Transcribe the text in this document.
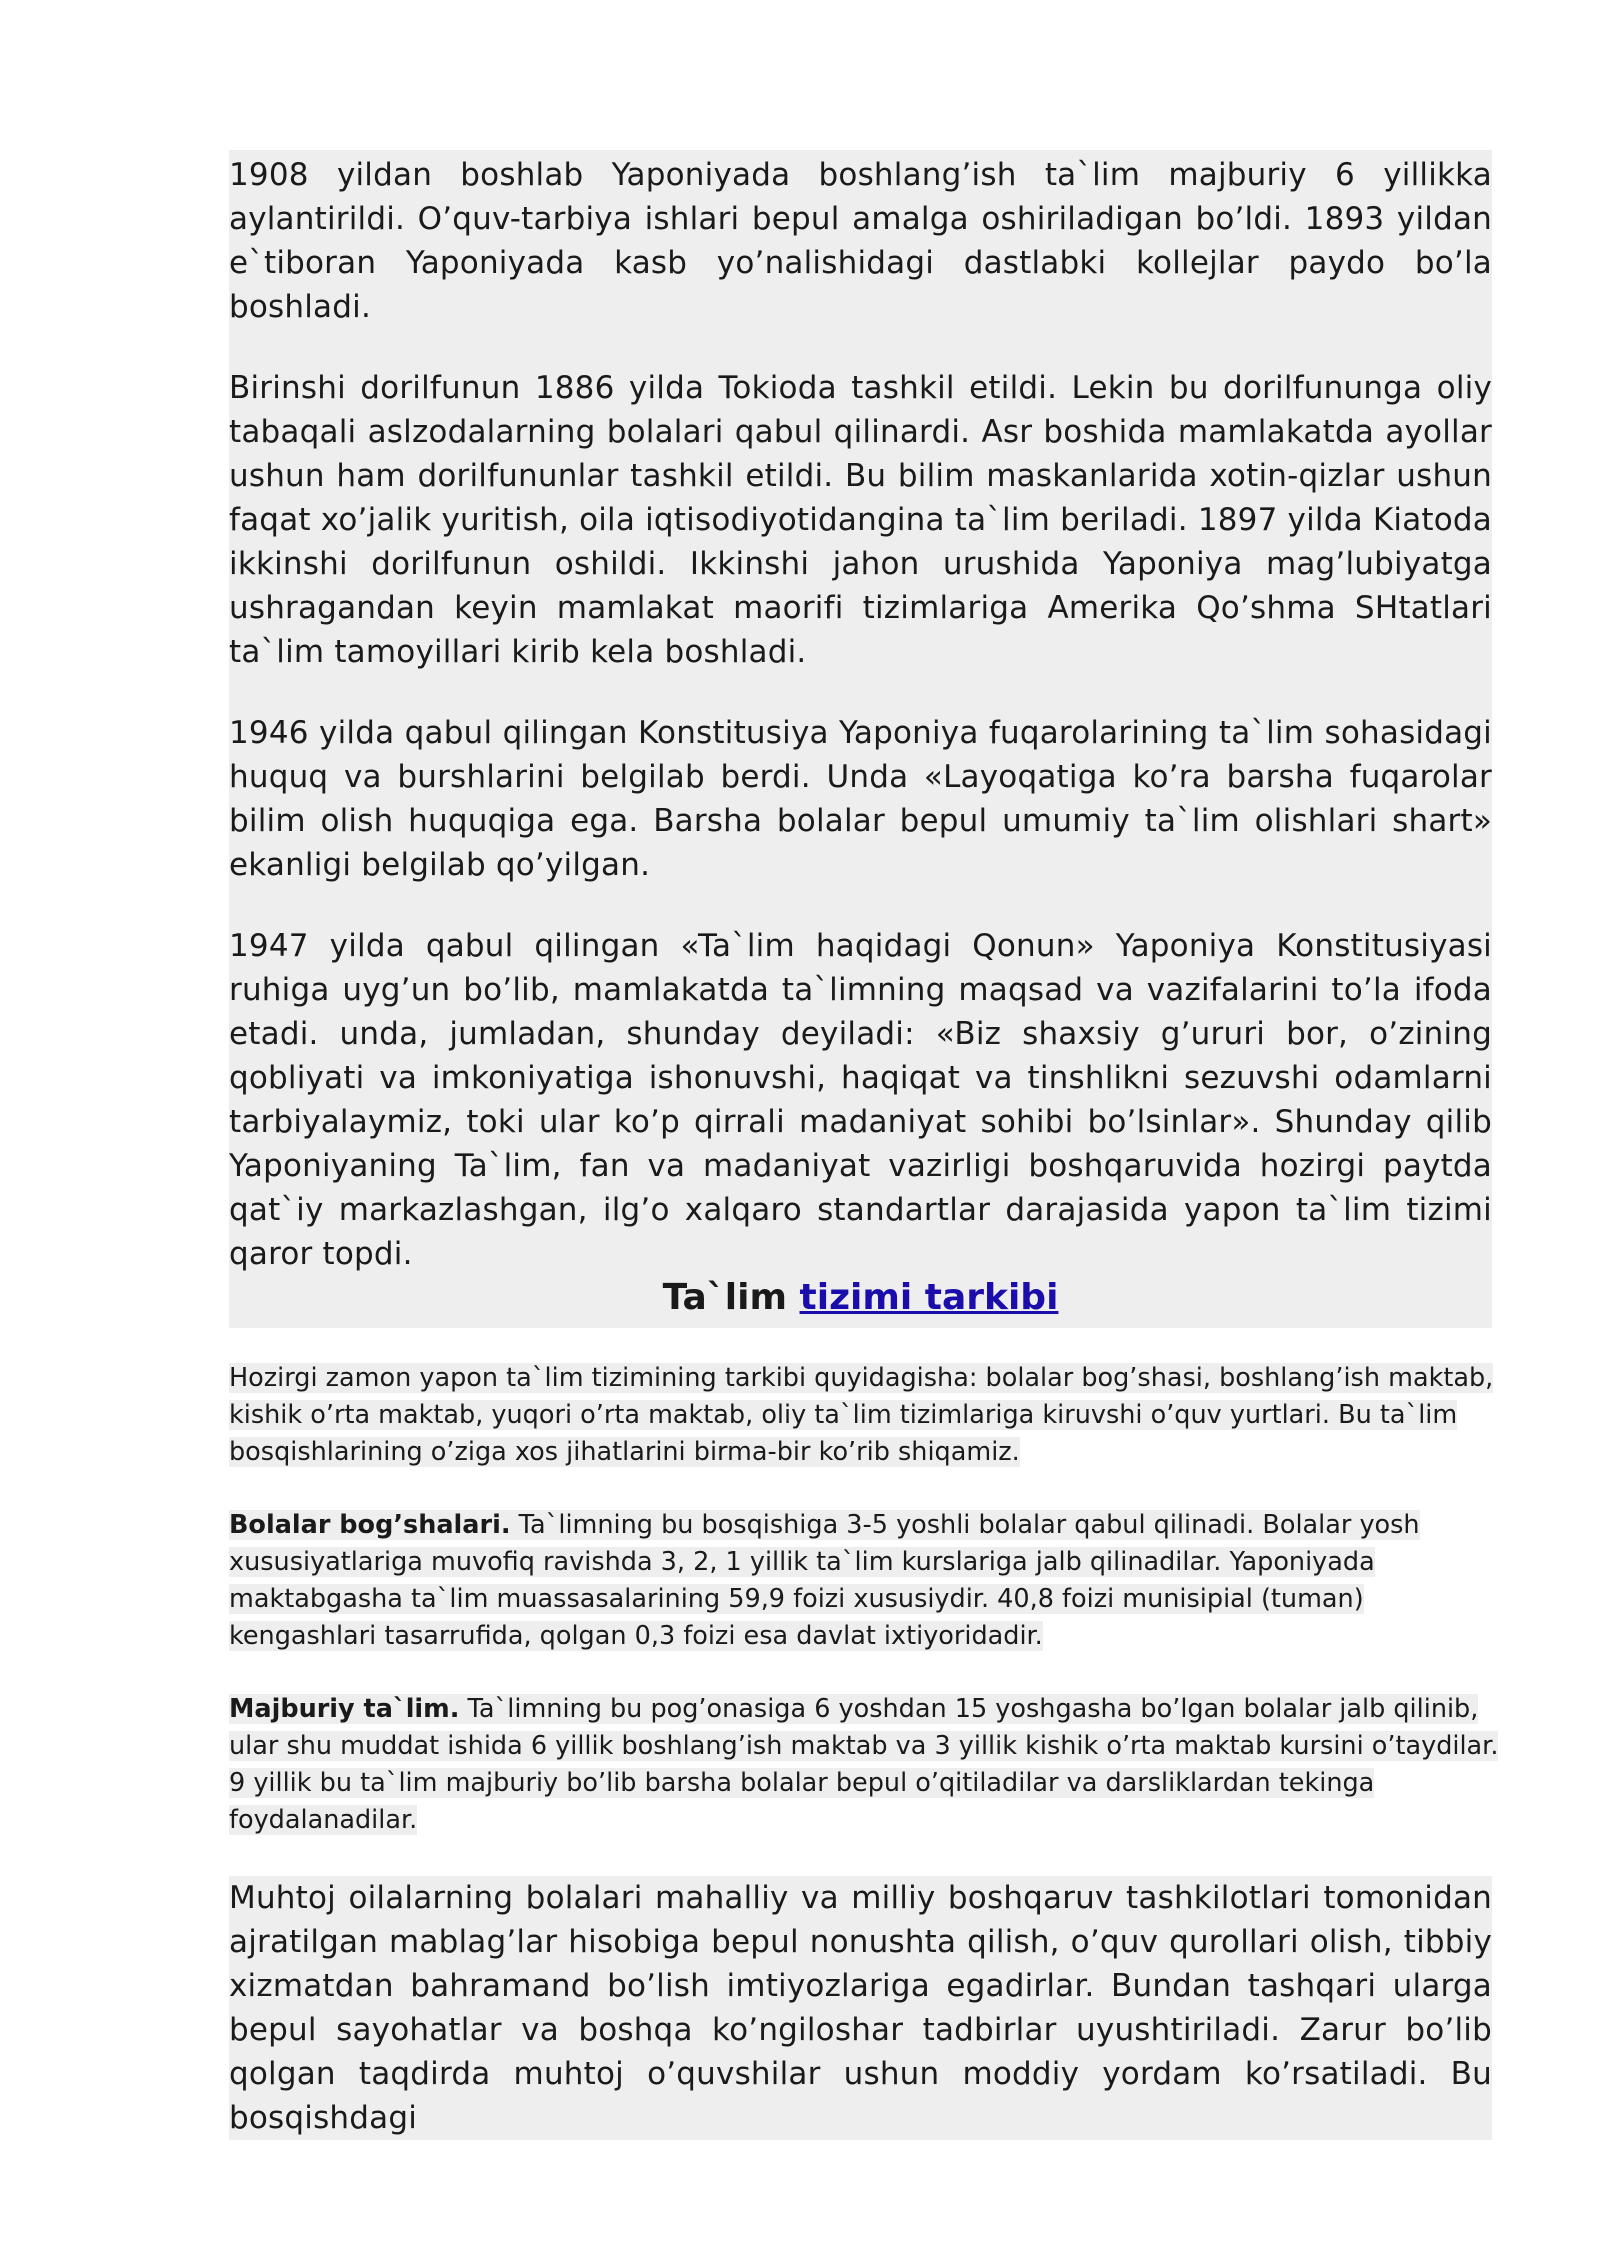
1908 yildan boshlab Yaponiyada boshlang’ish ta`lim majburiy 6 yillikka aylantirildi. O’quv-tarbiya ishlari bepul amalga oshiriladigan bo’ldi. 1893 yildan e`tiboran Yaponiyada kasb yo’nalishidagi dastlabki kollejlar paydo bo’la boshladi.

Birinshi dorilfunun 1886 yilda Tokioda tashkil etildi. Lekin bu dorilfununga oliy tabaqali aslzodalarning bolalari qabul qilinardi. Asr boshida mamlakatda ayollar ushun ham dorilfununlar tashkil etildi. Bu bilim maskanlarida xotin-qizlar ushun faqat xo’jalik yuritish, oila iqtisodiyotidangina ta`lim beriladi. 1897 yilda Kiatoda ikkinshi dorilfunun oshildi. Ikkinshi jahon urushida Yaponiya mag’lubiyatga ushragandan keyin mamlakat maorifi tizimlariga Amerika Qo’shma SHtatlari ta`lim tamoyillari kirib kela boshladi.

1946 yilda qabul qilingan Konstitusiya Yaponiya fuqarolarining ta`lim sohasidagi huquq va burshlarini belgilab berdi. Unda «Layoqatiga ko’ra barsha fuqarolar bilim olish huquqiga ega. Barsha bolalar bepul umumiy ta`lim olishlari shart» ekanligi belgilab qo’yilgan.

1947 yilda qabul qilingan «Ta`lim haqidagi Qonun» Yaponiya Konstitusiyasi ruhiga uyg’un bo’lib, mamlakatda ta`limning maqsad va vazifalarini to’la ifoda etadi. unda, jumladan, shunday deyiladi: «Biz shaxsiy g’ururi bor, o’zining qobliyati va imkoniyatiga ishonuvshi, haqiqat va tinshlikni sezuvshi odamlarni tarbiyalaymiz, toki ular ko’p qirrali madaniyat sohibi bo’lsinlar». Shunday qilib Yaponiyaning Ta`lim, fan va madaniyat vazirligi boshqaruvida hozirgi paytda qat`iy markazlashgan, ilg’o xalqaro standartlar darajasida yapon ta`lim tizimi qaror topdi.

Ta`lim tizimi tarkibi

Hozirgi zamon yapon ta`lim tizimining tarkibi quyidagisha: bolalar bog’shasi, boshlang’ish maktab, kishik o’rta maktab, yuqori o’rta maktab, oliy ta`lim tizimlariga kiruvshi o’quv yurtlari. Bu ta`lim bosqishlarining o’ziga xos jihatlarini birma-bir ko’rib shiqamiz.

Bolalar bog’shalari. Ta`limning bu bosqishiga 3-5 yoshli bolalar qabul qilinadi. Bolalar yosh xususiyatlariga muvofiq ravishda 3, 2, 1 yillik ta`lim kurslariga jalb qilinadilar. Yaponiyada maktabgasha ta`lim muassasalarining 59,9 foizi xususiydir. 40,8 foizi munisipial (tuman) kengashlari tasarrufida, qolgan 0,3 foizi esa davlat ixtiyoridadir.

Majburiy ta`lim. Ta`limning bu pog’onasiga 6 yoshdan 15 yoshgasha bo’lgan bolalar jalb qilinib, ular shu muddat ishida 6 yillik boshlang’ish maktab va 3 yillik kishik o’rta maktab kursini o’taydilar. 9 yillik bu ta`lim majburiy bo’lib barsha bolalar bepul o’qitiladilar va darsliklardan tekinga foydalanadilar.

Muhtoj oilalarning bolalari mahalliy va milliy boshqaruv tashkilotlari tomonidan ajratilgan mablag’lar hisobiga bepul nonushta qilish, o’quv qurollari olish, tibbiy xizmatdan bahramand bo’lish imtiyozlariga egadirlar. Bundan tashqari ularga bepul sayohatlar va boshqa ko’ngiloshar tadbirlar uyushtiriladi. Zarur bo’lib qolgan taqdirda muhtoj o’quvshilar ushun moddiy yordam ko’rsatiladi. Bu bosqishdagi
